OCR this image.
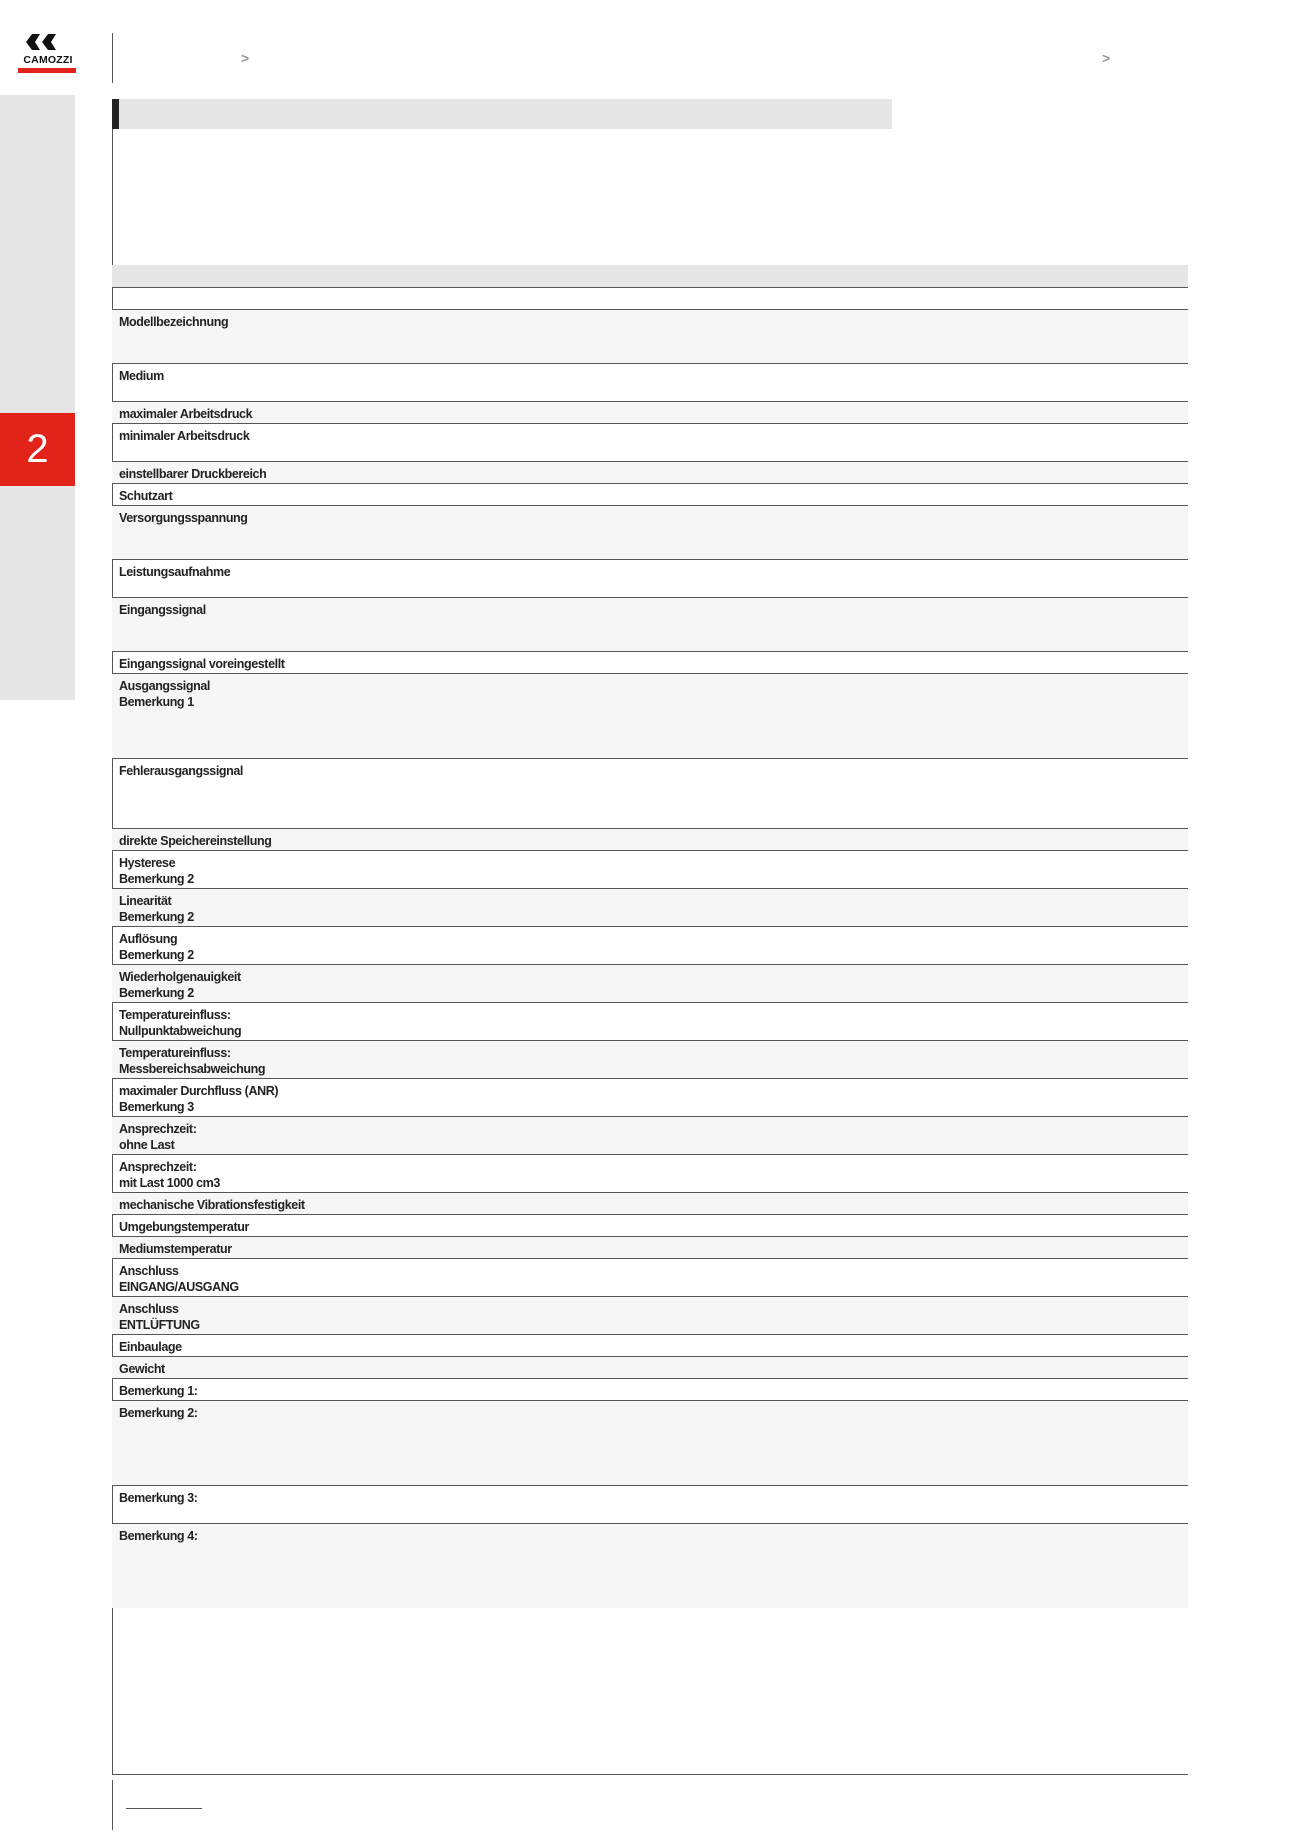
CAMOZZI	>	>
2
Modellbezeichnung
Medium
maximaler Arbeitsdruck
minimaler Arbeitsdruck
einstellbarer Druckbereich
Schutzart
Versorgungsspannung
Leistungsaufnahme
Eingangssignal
Eingangssignal voreingestellt
Ausgangssignal
Bemerkung 1
Fehlerausgangssignal
direkte Speichereinstellung
Hysterese
Bemerkung 2
Linearität
Bemerkung 2
Auflösung
Bemerkung 2
Wiederholgenauigkeit
Bemerkung 2
Temperatureinfluss:
Nullpunktabweichung
Temperatureinfluss:
Messbereichsabweichung
maximaler Durchfluss (ANR)
Bemerkung 3
Ansprechzeit:
ohne Last
Ansprechzeit:
mit Last 1000 cm3
mechanische Vibrationsfestigkeit
Umgebungstemperatur
Mediumstemperatur
Anschluss
EINGANG/AUSGANG
Anschluss
ENTLÜFTUNG
Einbaulage
Gewicht
Bemerkung 1:
Bemerkung 2:
Bemerkung 3:
Bemerkung 4:
